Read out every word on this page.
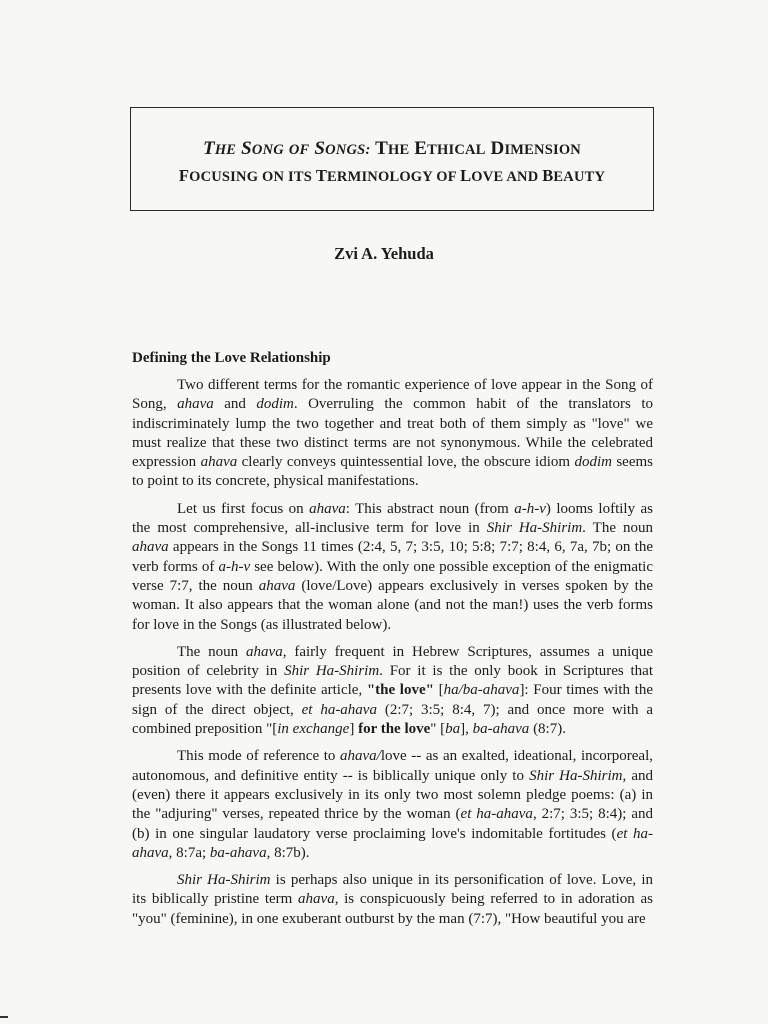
THE SONG OF SONGS: THE ETHICAL DIMENSION
FOCUSING ON ITS TERMINOLOGY OF LOVE AND BEAUTY
Zvi A. Yehuda
Defining the Love Relationship

Two different terms for the romantic experience of love appear in the Song of Song, ahava and dodim. Overruling the common habit of the translators to indiscriminately lump the two together and treat both of them simply as "love" we must realize that these two distinct terms are not synonymous. While the celebrated expression ahava clearly conveys quintessential love, the obscure idiom dodim seems to point to its concrete, physical manifestations.

Let us first focus on ahava: This abstract noun (from a-h-v) looms loftily as the most comprehensive, all-inclusive term for love in Shir Ha-Shirim. The noun ahava appears in the Songs 11 times (2:4, 5, 7; 3:5, 10; 5:8; 7:7; 8:4, 6, 7a, 7b; on the verb forms of a-h-v see below). With the only one possible exception of the enigmatic verse 7:7, the noun ahava (love/Love) appears exclusively in verses spoken by the woman. It also appears that the woman alone (and not the man!) uses the verb forms for love in the Songs (as illustrated below).

The noun ahava, fairly frequent in Hebrew Scriptures, assumes a unique position of celebrity in Shir Ha-Shirim. For it is the only book in Scriptures that presents love with the definite article, "the love" [ha/ba-ahava]: Four times with the sign of the direct object, et ha-ahava (2:7; 3:5; 8:4, 7); and once more with a combined preposition "[in exchange] for the love" [ba], ba-ahava (8:7).

This mode of reference to ahava/love -- as an exalted, ideational, incorporeal, autonomous, and definitive entity -- is biblically unique only to Shir Ha-Shirim, and (even) there it appears exclusively in its only two most solemn pledge poems: (a) in the "adjuring" verses, repeated thrice by the woman (et ha-ahava, 2:7; 3:5; 8:4); and (b) in one singular laudatory verse proclaiming love's indomitable fortitudes (et ha-ahava, 8:7a; ba-ahava, 8:7b).

Shir Ha-Shirim is perhaps also unique in its personification of love. Love, in its biblically pristine term ahava, is conspicuously being referred to in adoration as "you" (feminine), in one exuberant outburst by the man (7:7), "How beautiful you are
